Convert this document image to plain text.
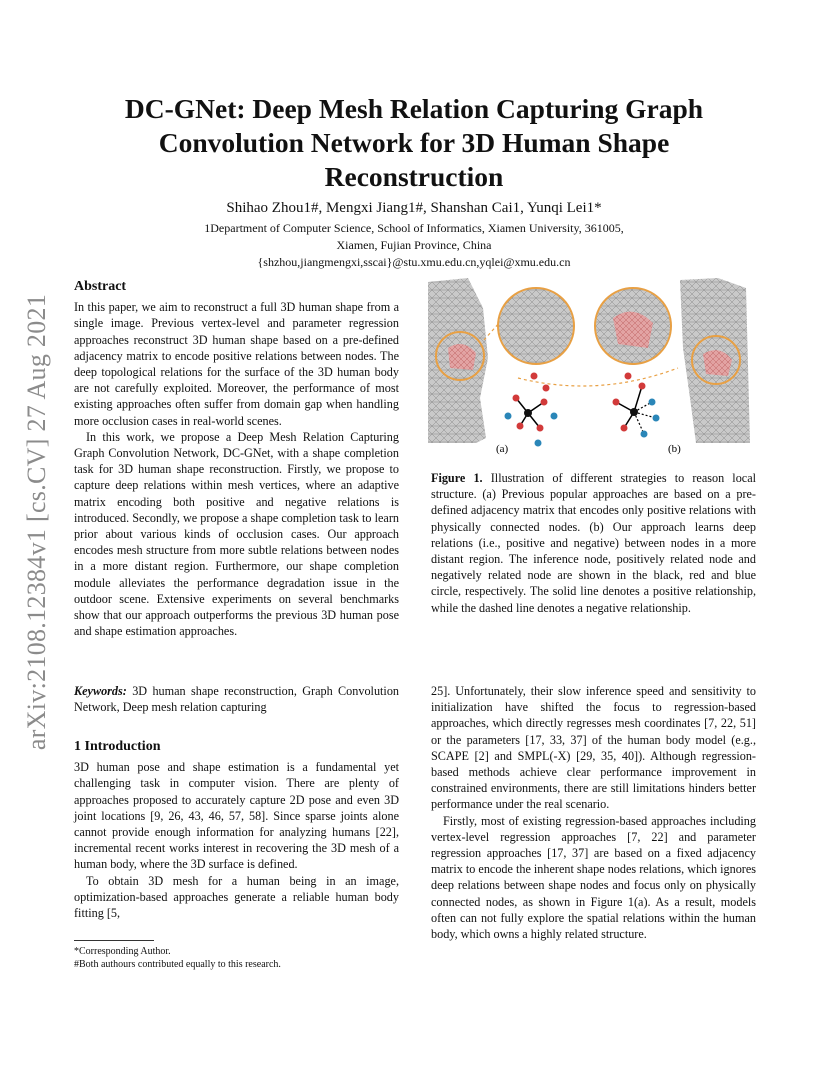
arXiv:2108.12384v1 [cs.CV] 27 Aug 2021
DC-GNet: Deep Mesh Relation Capturing Graph Convolution Network for 3D Human Shape Reconstruction
Shihao Zhou1#, Mengxi Jiang1#, Shanshan Cai1, Yunqi Lei1*
1Department of Computer Science, School of Informatics, Xiamen University, 361005,
Xiamen, Fujian Province, China
{shzhou,jiangmengxi,sscai}@stu.xmu.edu.cn,yqlei@xmu.edu.cn
Abstract

In this paper, we aim to reconstruct a full 3D human shape from a single image. Previous vertex-level and parameter regression approaches reconstruct 3D human shape based on a pre-defined adjacency matrix to encode positive relations between nodes. The deep topological relations for the surface of the 3D human body are not carefully exploited. Moreover, the performance of most existing approaches often suffer from domain gap when handling more occlusion cases in real-world scenes.

In this work, we propose a Deep Mesh Relation Capturing Graph Convolution Network, DC-GNet, with a shape completion task for 3D human shape reconstruction. Firstly, we propose to capture deep relations within mesh vertices, where an adaptive matrix encoding both positive and negative relations is introduced. Secondly, we propose a shape completion task to learn prior about various kinds of occlusion cases. Our approach encodes mesh structure from more subtle relations between nodes in a more distant region. Furthermore, our shape completion module alleviates the performance degradation issue in the outdoor scene. Extensive experiments on several benchmarks show that our approach outperforms the previous 3D human pose and shape estimation approaches.

Keywords: 3D human shape reconstruction, Graph Convolution Network, Deep mesh relation capturing

1 Introduction

3D human pose and shape estimation is a fundamental yet challenging task in computer vision. There are plenty of approaches proposed to accurately capture 2D pose and even 3D joint locations [9, 26, 43, 46, 57, 58]. Since sparse joints alone cannot provide enough information for analyzing humans [22], incremental recent works interest in recovering the 3D mesh of a human body, where the 3D surface is defined.

To obtain 3D mesh for a human being in an image, optimization-based approaches generate a reliable human body fitting [5,

*Corresponding Author.
#Both authours contributed equally to this research.
(a)	(b)

Figure 1. Illustration of different strategies to reason local structure. (a) Previous popular approaches are based on a pre-defined adjacency matrix that encodes only positive relations with physically connected nodes. (b) Our approach learns deep relations (i.e., positive and negative) between nodes in a more distant region. The inference node, positively related node and negatively related node are shown in the black, red and blue circle, respectively. The solid line denotes a positive relationship, while the dashed line denotes a negative relationship.

25]. Unfortunately, their slow inference speed and sensitivity to initialization have shifted the focus to regression-based approaches, which directly regresses mesh coordinates [7, 22, 51] or the parameters [17, 33, 37] of the human body model (e.g., SCAPE [2] and SMPL(-X) [29, 35, 40]). Although regression-based methods achieve clear performance improvement in constrained environments, there are still limitations hinders better performance under the real scenario.

Firstly, most of existing regression-based approaches including vertex-level regression approaches [7, 22] and parameter regression approaches [17, 37] are based on a fixed adjacency matrix to encode the inherent shape nodes relations, which ignores deep relations between shape nodes and focus only on physically connected nodes, as shown in Figure 1(a). As a result, models often can not fully explore the spatial relations within the human body, which owns a highly related structure.
